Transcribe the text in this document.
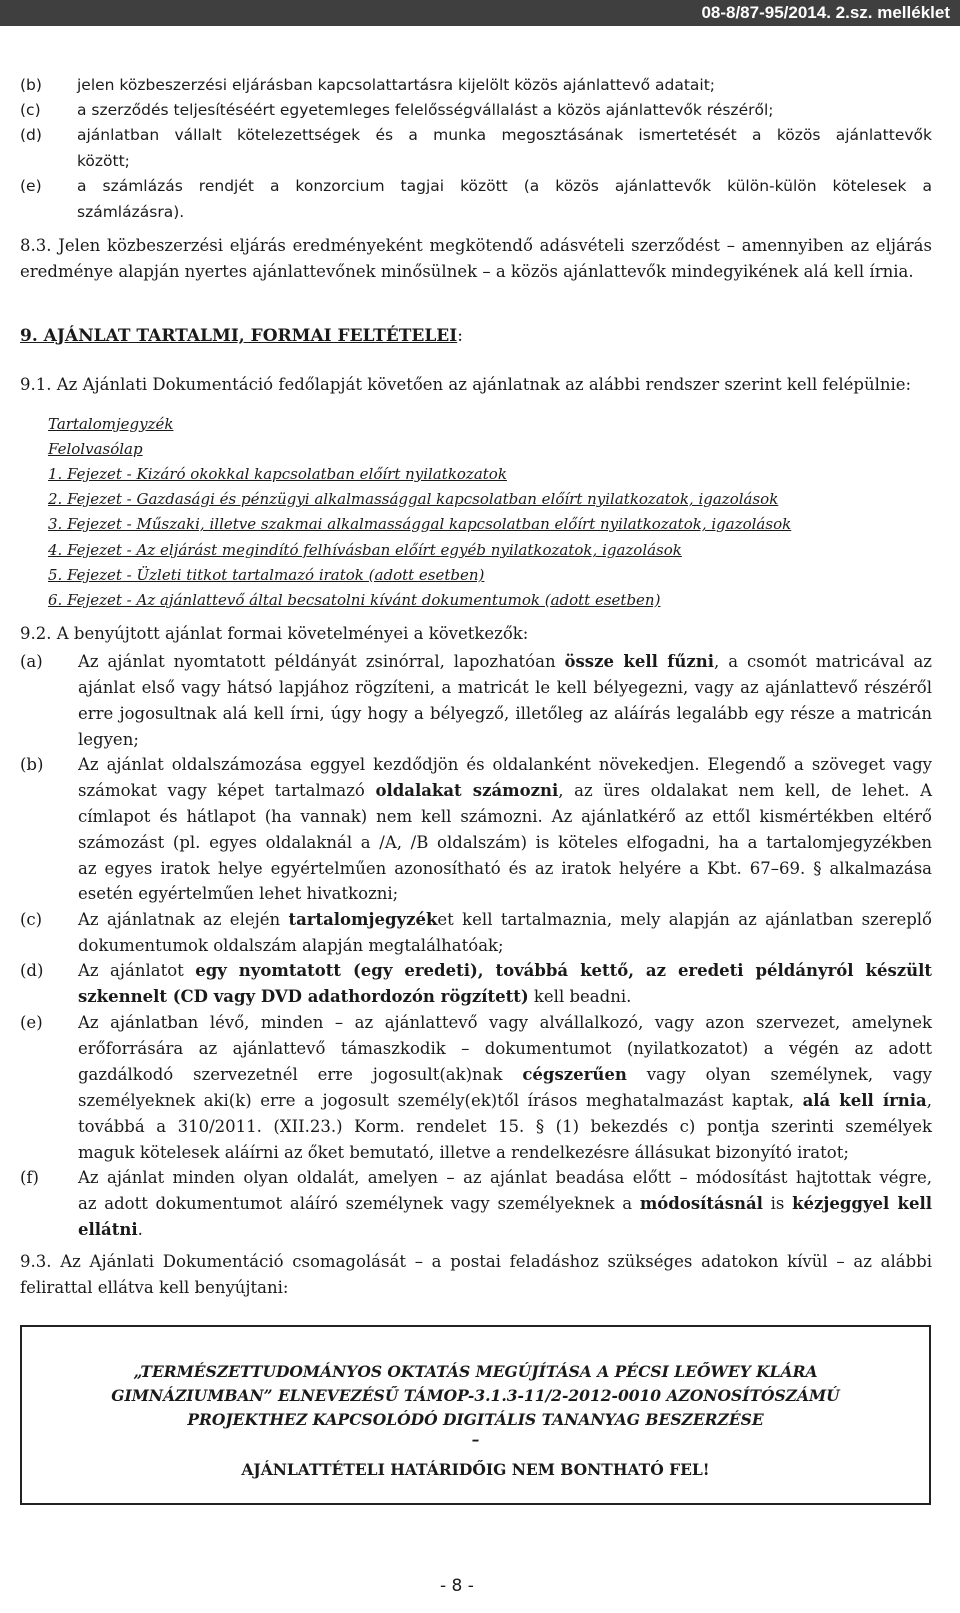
08-8/87-95/2014. 2.sz. melléklet
(b) jelen közbeszerzési eljárásban kapcsolattartásra kijelölt közös ajánlattevő adatait;
(c) a szerződés teljesítéséért egyetemleges felelősségvállalást a közös ajánlattevők részéről;
(d) ajánlatban vállalt kötelezettségek és a munka megosztásának ismertetését a közös ajánlattevők
között;
(e) a számlázás rendjét a konzorcium tagjai között (a közös ajánlattevők külön-külön kötelesek a
számlázásra).
8.3. Jelen közbeszerzési eljárás eredményeként megkötendő adásvételi szerződést – amennyiben az eljárás
eredménye alapján nyertes ajánlattevőnek minősülnek – a közös ajánlattevők mindegyikének alá kell írnia.
9. AJÁNLAT TARTALMI, FORMAI FELTÉTELEI:
9.1. Az Ajánlati Dokumentáció fedőlapját követően az ajánlatnak az alábbi rendszer szerint kell felépülnie:
Tartalomjegyzék
Felolvasólap
1. Fejezet - Kizáró okokkal kapcsolatban előírt nyilatkozatok
2. Fejezet - Gazdasági és pénzügyi alkalmassággal kapcsolatban előírt nyilatkozatok, igazolások
3. Fejezet - Műszaki, illetve szakmai alkalmassággal kapcsolatban előírt nyilatkozatok, igazolások
4. Fejezet - Az eljárást megindító felhívásban előírt egyéb nyilatkozatok, igazolások
5. Fejezet - Üzleti titkot tartalmazó iratok (adott esetben)
6. Fejezet - Az ajánlattevő által becsatolni kívánt dokumentumok (adott esetben)
9.2. A benyújtott ajánlat formai követelményei a következők:
(a) Az ajánlat nyomtatott példányát zsinórral, lapozhatóan össze kell fűzni, a csomót matricával az
ajánlat első vagy hátsó lapjához rögzíteni, a matricát le kell bélyegezni, vagy az ajánlattevő részéről
erre jogosultnak alá kell írni, úgy hogy a bélyegző, illetőleg az aláírás legalább egy része a matricán
legyen;
(b) Az ajánlat oldalszámozása eggyel kezdődjön és oldalanként növekedjen. Elegendő a szöveget vagy
számokat vagy képet tartalmazó oldalakat számozni, az üres oldalakat nem kell, de lehet. A
címlapot és hátlapot (ha vannak) nem kell számozni. Az ajánlatkérő az ettől kismértékben eltérő
számozást (pl. egyes oldalaknál a /A, /B oldalszám) is köteles elfogadni, ha a tartalomjegyzékben
az egyes iratok helye egyértelműen azonosítható és az iratok helyére a Kbt. 67–69. § alkalmazása
esetén egyértelműen lehet hivatkozni;
(c) Az ajánlatnak az elején tartalomjegyzéket kell tartalmaznia, mely alapján az ajánlatban szereplő
dokumentumok oldalszám alapján megtalálhatóak;
(d) Az ajánlatot egy nyomtatott (egy eredeti), továbbá kettő, az eredeti példányról készült
szkennelt (CD vagy DVD adathordozón rögzített) kell beadni.
(e) Az ajánlatban lévő, minden – az ajánlattevő vagy alvállalkozó, vagy azon szervezet, amelynek
erőforrására az ajánlattevő támaszkodik – dokumentumot (nyilatkozatot) a végén az adott
gazdálkodó szervezetnél erre jogosult(ak)nak cégszerűen vagy olyan személynek, vagy
személyeknek aki(k) erre a jogosult személy(ek)től írásos meghatalmazást kaptak, alá kell írnia,
továbbá a 310/2011. (XII.23.) Korm. rendelet 15. § (1) bekezdés c) pontja szerinti személyek
maguk kötelesek aláírni az őket bemutató, illetve a rendelkezésre állásukat bizonyító iratot;
(f) Az ajánlat minden olyan oldalát, amelyen – az ajánlat beadása előtt – módosítást hajtottak végre,
az adott dokumentumot aláíró személynek vagy személyeknek a módosításnál is kézjeggyel kell
ellátni.
9.3. Az Ajánlati Dokumentáció csomagolását – a postai feladáshoz szükséges adatokon kívül – az alábbi
felirattal ellátva kell benyújtani:
„TERMÉSZETTUDOMÁNYOS OKTATÁS MEGÚJÍTÁSA A PÉCSI LEŐWEY KLÁRA
GIMNÁZIUMBAN” ELNEVEZÉSŰ TÁMOP-3.1.3-11/2-2012-0010 AZONOSÍTÓSZÁMÚ
PROJEKTHEZ KAPCSOLÓDÓ DIGITÁLIS TANANYAG BESZERZÉSE
–
AJÁNLATTÉTELI HATÁRIDŐIG NEM BONTHATÓ FEL!
- 8 -
